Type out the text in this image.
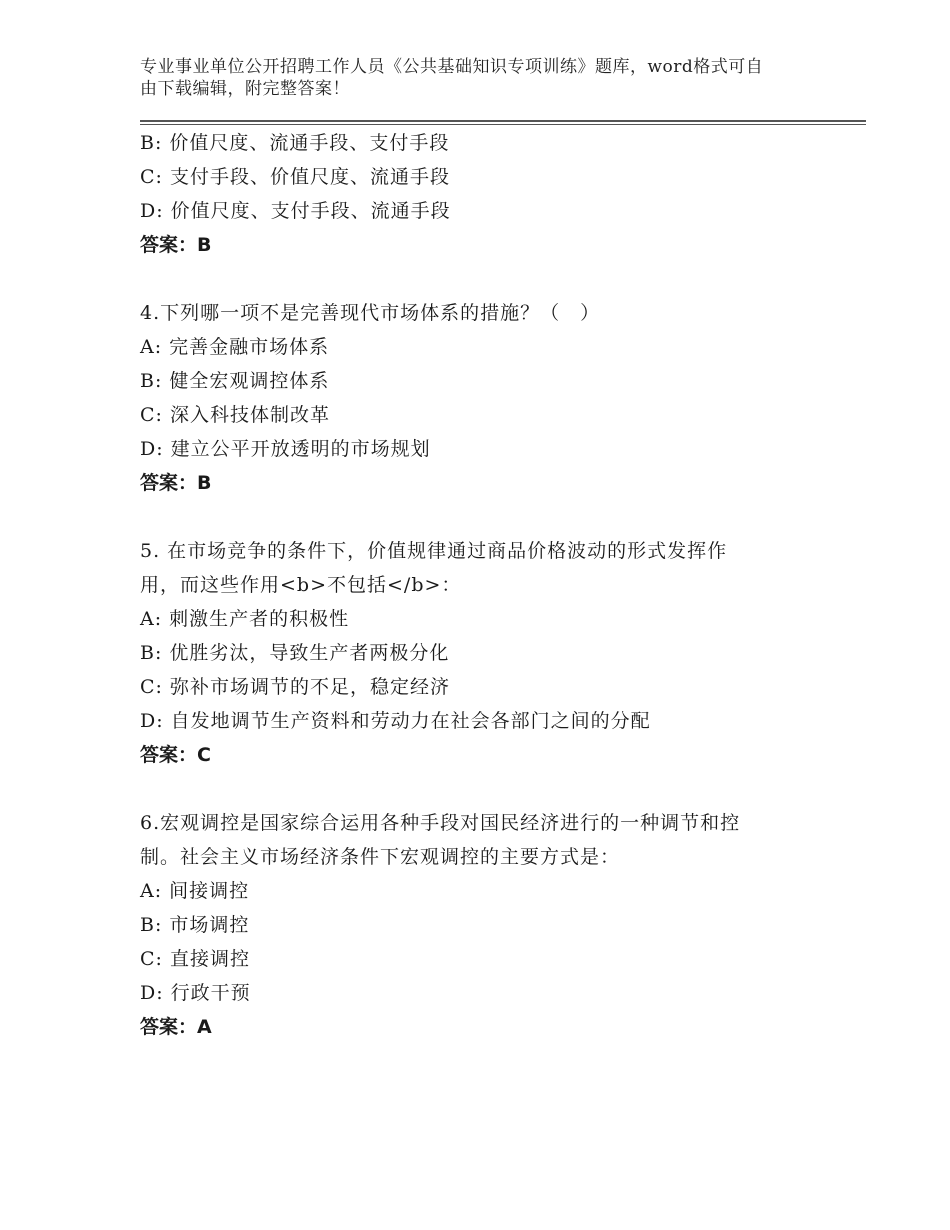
专业事业单位公开招聘工作人员《公共基础知识专项训练》题库，word格式可自
由下载编辑，附完整答案！
B: 价值尺度、流通手段、支付手段
C: 支付手段、价值尺度、流通手段
D: 价值尺度、支付手段、流通手段
答案：B
4.下列哪一项不是完善现代市场体系的措施？（　）
A: 完善金融市场体系
B: 健全宏观调控体系
C: 深入科技体制改革
D: 建立公平开放透明的市场规划
答案：B
5. 在市场竞争的条件下，价值规律通过商品价格波动的形式发挥作
用，而这些作用<b>不包括</b>：
A: 刺激生产者的积极性
B: 优胜劣汰，导致生产者两极分化
C: 弥补市场调节的不足，稳定经济
D: 自发地调节生产资料和劳动力在社会各部门之间的分配
答案：C
6.宏观调控是国家综合运用各种手段对国民经济进行的一种调节和控
制。社会主义市场经济条件下宏观调控的主要方式是：
A: 间接调控
B: 市场调控
C: 直接调控
D: 行政干预
答案：A
